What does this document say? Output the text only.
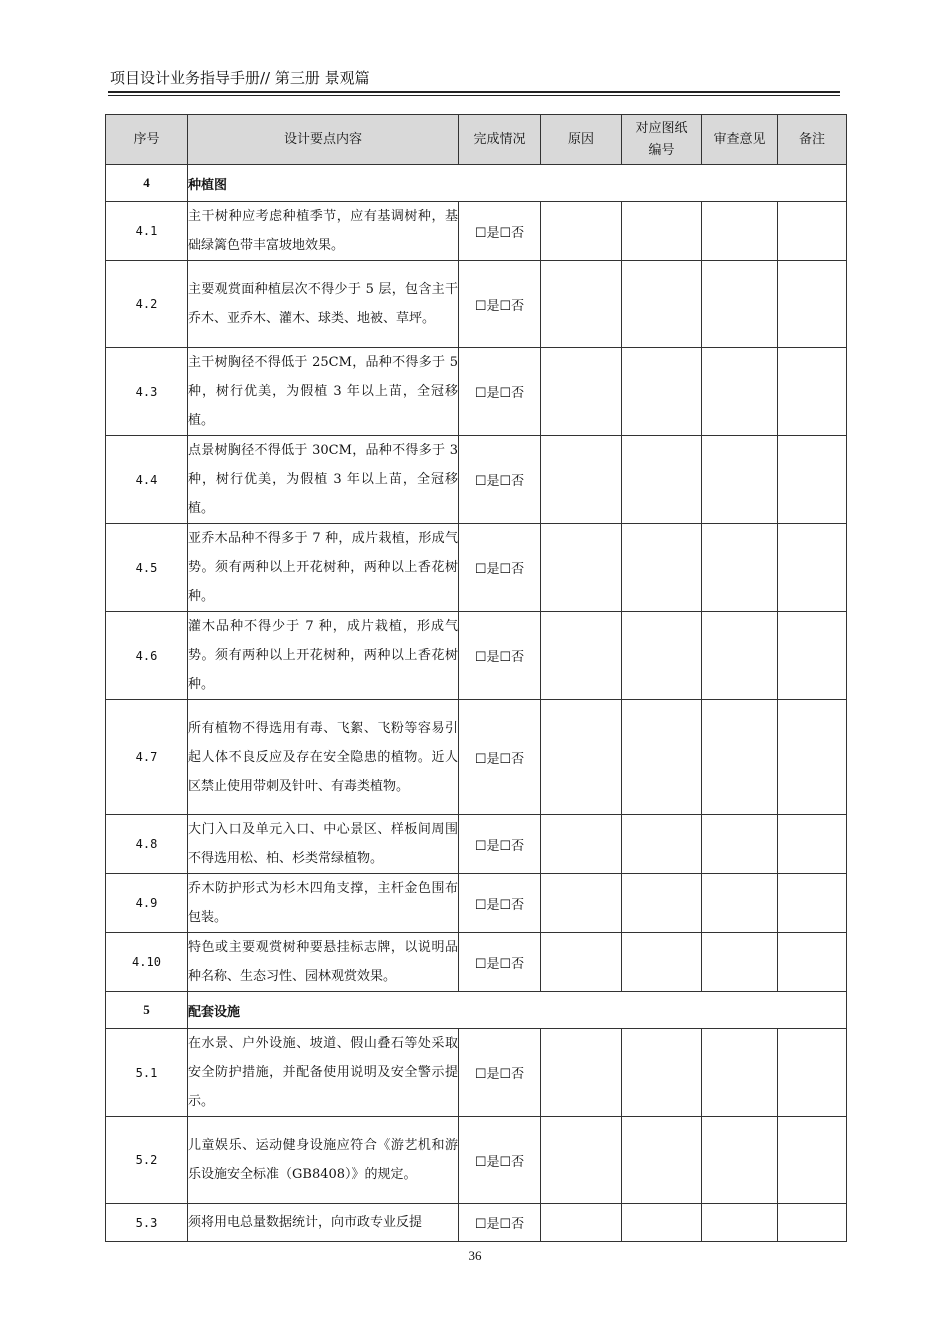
项目设计业务指导手册// 第三册 景观篇
序号	设计要点内容	完成情况	原因	对应图纸编号	审查意见	备注
4	种植图					
4.1	主干树种应考虑种植季节，应有基调树种，基础绿篱色带丰富坡地效果。	☐是☐否				
4.2	主要观赏面种植层次不得少于 5 层，包含主干乔木、亚乔木、灌木、球类、地被、草坪。	☐是☐否				
4.3	主干树胸径不得低于 25CM，品种不得多于 5 种，树行优美，为假植 3 年以上苗，全冠移植。	☐是☐否				
4.4	点景树胸径不得低于 30CM，品种不得多于 3 种，树行优美，为假植 3 年以上苗，全冠移植。	☐是☐否				
4.5	亚乔木品种不得多于 7 种，成片栽植，形成气势。须有两种以上开花树种，两种以上香花树种。	☐是☐否				
4.6	灌木品种不得少于 7 种，成片栽植，形成气势。须有两种以上开花树种，两种以上香花树种。	☐是☐否				
4.7	所有植物不得选用有毒、飞絮、飞粉等容易引起人体不良反应及存在安全隐患的植物。近人区禁止使用带刺及针叶、有毒类植物。	☐是☐否				
4.8	大门入口及单元入口、中心景区、样板间周围不得选用松、柏、杉类常绿植物。	☐是☐否				
4.9	乔木防护形式为杉木四角支撑，主杆金色围布包装。	☐是☐否				
4.10	特色或主要观赏树种要悬挂标志牌，以说明品种名称、生态习性、园林观赏效果。	☐是☐否				
5	配套设施					
5.1	在水景、户外设施、坡道、假山叠石等处采取安全防护措施，并配备使用说明及安全警示提示。	☐是☐否				
5.2	儿童娱乐、运动健身设施应符合《游艺机和游乐设施安全标准（GB8408）》的规定。	☐是☐否				
5.3	须将用电总量数据统计，向市政专业反提	☐是☐否				
36
